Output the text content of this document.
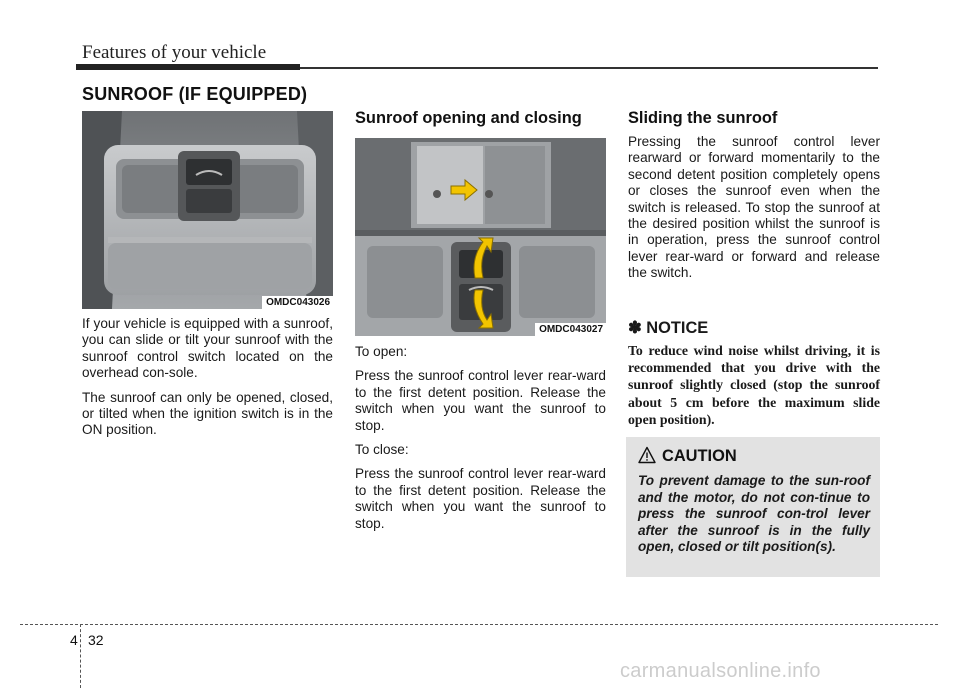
Features of your vehicle
SUNROOF (IF EQUIPPED)
OMDC043026

If your vehicle is equipped with a sunroof, you can slide or tilt your sunroof with the sunroof control switch located on the overhead con-sole.

The sunroof can only be opened, closed, or tilted when the ignition switch is in the ON position.

Sunroof opening and closing
OMDC043027

To open:

Press the sunroof control lever rear-ward to the first detent position. Release the switch when you want the sunroof to stop.

To close:

Press the sunroof control lever rear-ward to the first detent position. Release the switch when you want the sunroof to stop.

Sliding the sunroof
Pressing the sunroof control lever rearward or forward momentarily to the second detent position completely opens or closes the sunroof even when the switch is released. To stop the sunroof at the desired position whilst the sunroof is in operation, press the sunroof control lever rear-ward or forward and release the switch.
✽ NOTICE
To reduce wind noise whilst driving, it is recommended that you drive with the sunroof slightly closed (stop the sunroof about 5 cm before the maximum slide open position).
CAUTION
To prevent damage to the sun-roof and the motor, do not con-tinue to press the sunroof con-trol lever after the sunroof is in the fully open, closed or tilt position(s).
4 32
carmanualsonline.info
